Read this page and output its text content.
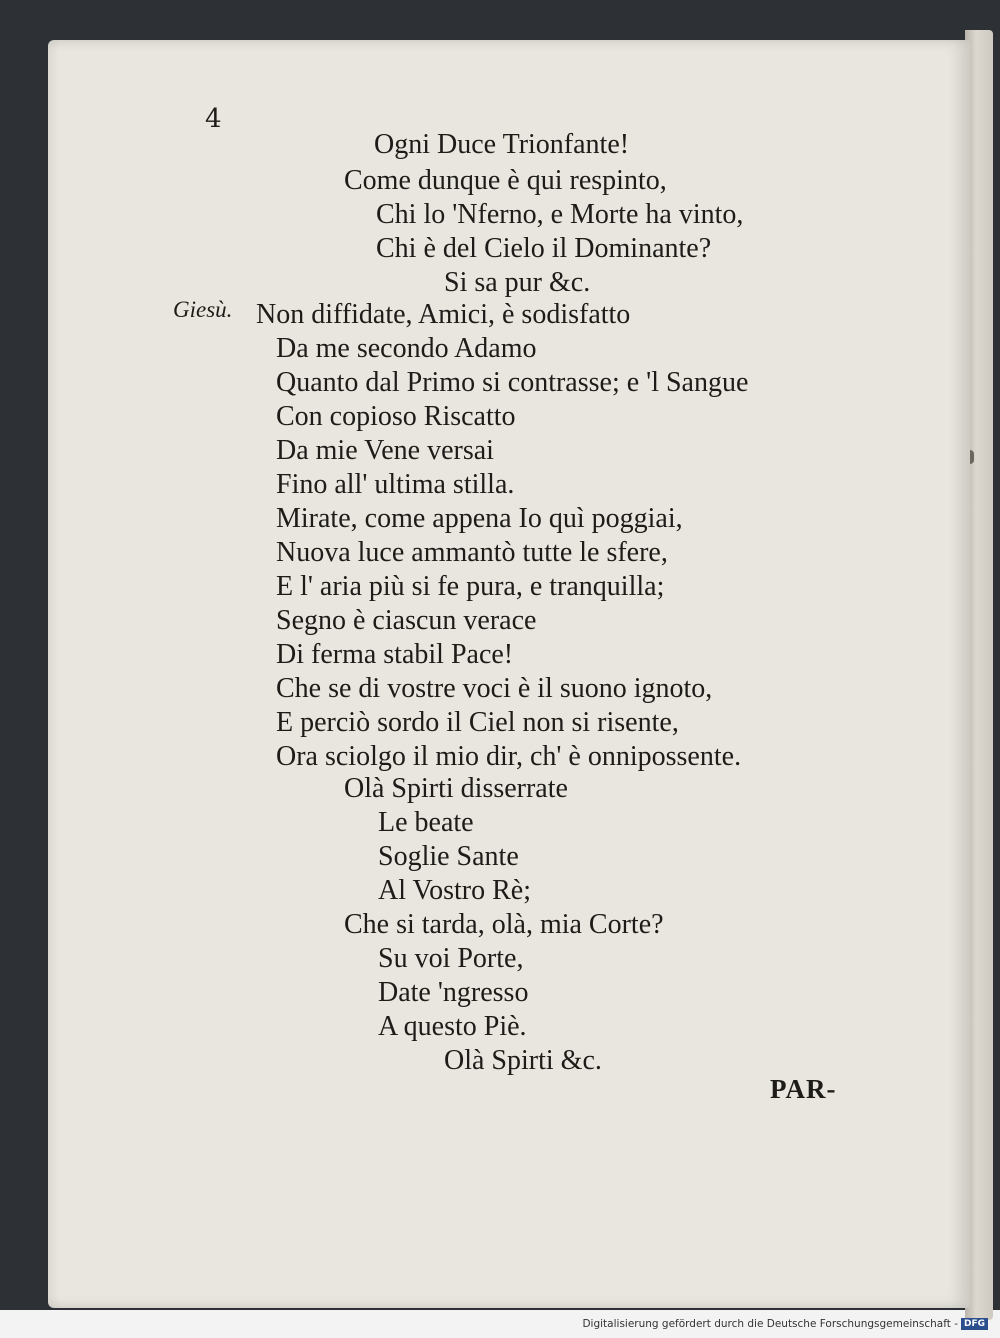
4
Giesù.
Ogni Duce Trionfante!
Come dunque è qui respinto,
Chi lo 'Nferno, e Morte ha vinto,
Chi è del Cielo il Dominante?
Si sa pur &c.
Non diffidate, Amici, è sodisfatto
Da me secondo Adamo
Quanto dal Primo si contrasse; e 'l Sangue
Con copioso Riscatto
Da mie Vene versai
Fino all' ultima stilla.
Mirate, come appena Io quì poggiai,
Nuova luce ammantò tutte le sfere,
E l' aria più si fe pura, e tranquilla;
Segno è ciascun verace
Di ferma stabil Pace!
Che se di vostre voci è il suono ignoto,
E perciò sordo il Ciel non si risente,
Ora sciolgo il mio dir, ch' è onnipossente.
Olà Spirti disserrate
Le beate
Soglie Sante
Al Vostro Rè;
Che si tarda, olà, mia Corte?
Su voi Porte,
Date 'ngresso
A questo Piè.
Olà Spirti &c.
PAR-
Digitalisierung gefördert durch die Deutsche Forschungsgemeinschaft - DFG
